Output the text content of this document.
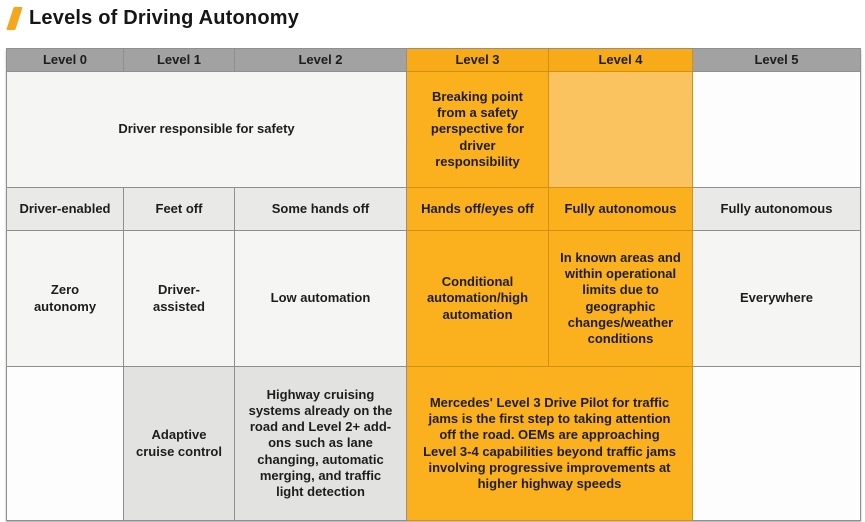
Levels of Driving Autonomy
Level 0	Level 1	Level 2	Level 3	Level 4	Level 5
Driver responsible for safety			Breaking point from a safety perspective for driver responsibility		
Driver-enabled	Feet off	Some hands off	Hands off/eyes off	Fully autonomous	Fully autonomous
Zero autonomy	Driver-assisted	Low automation	Conditional automation/high automation	In known areas and within operational limits due to geographic changes/weather conditions	Everywhere
	Adaptive cruise control	Highway cruising systems already on the road and Level 2+ add-ons such as lane changing, automatic merging, and traffic light detection	Mercedes' Level 3 Drive Pilot for traffic jams is the first step to taking attention off the road. OEMs are approaching Level 3-4 capabilities beyond traffic jams involving progressive improvements at higher highway speeds		
